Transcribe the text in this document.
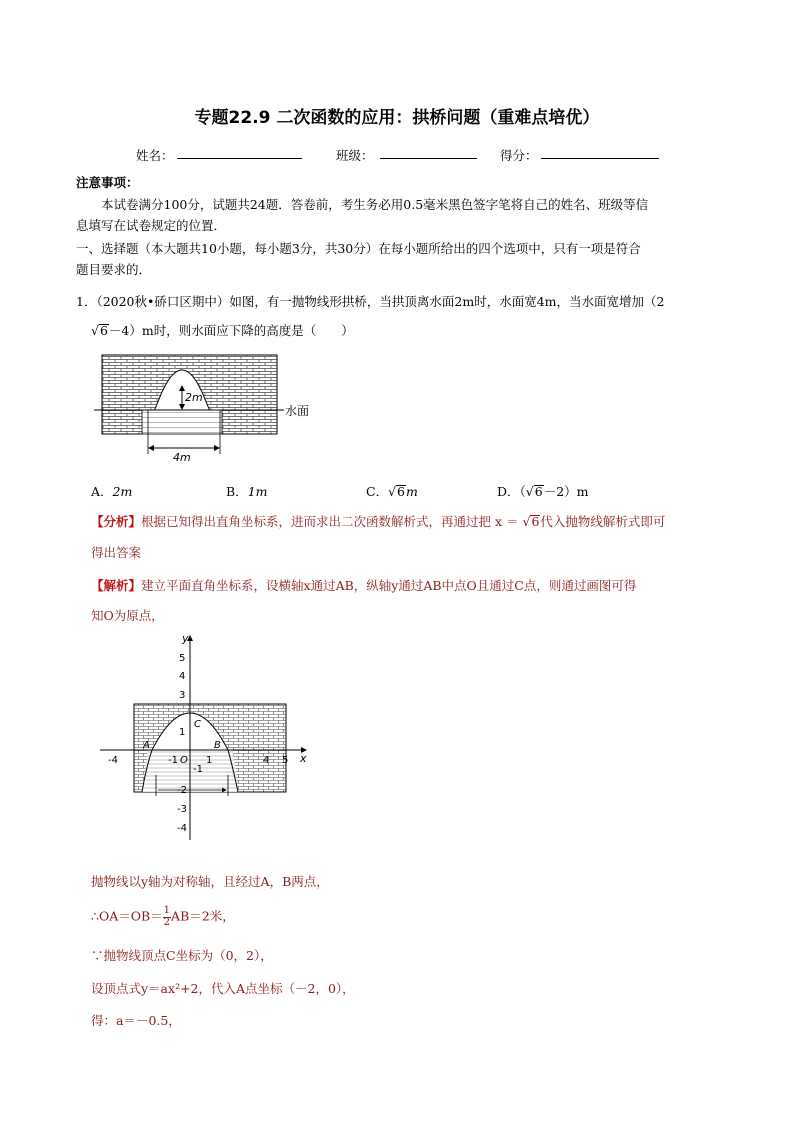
专题22.9 二次函数的应用：拱桥问题（重难点培优）
姓名：	班级：	得分：
注意事项：
本试卷满分100分，试题共24题．答卷前，考生务必用0.5毫米黑色签字笔将自己的姓名、班级等信
息填写在试卷规定的位置．
一、选择题（本大题共10小题，每小题3分，共30分）在每小题所给出的四个选项中，只有一项是符合
题目要求的．
1．（2020秋•硚口区期中）如图，有一抛物线形拱桥，当拱顶离水面2m时，水面宽4m，当水面宽增加（2
√6－4）m时，则水面应下降的高度是（　　）
2m
4m
水面
A．2m	B．1m	C．√6m	D．（√6－2）m
【分析】根据已知得出直角坐标系，进而求出二次函数解析式，再通过把 x ＝ √6代入抛物线解析式即可
得出答案
【解析】建立平面直角坐标系，设横轴x通过AB，纵轴y通过AB中点O且通过C点，则通过画图可得
知O为原点，
y
x
5
4
3
1
-1
-2
-3
-4
-4	-1	1	4 5
A	B
C
O
抛物线以y轴为对称轴，且经过A，B两点，
∴OA＝OB＝ $\frac{1}{2} AB=2$米，
∵抛物线顶点C坐标为（0，2），
设顶点式y＝ax²+2，代入A点坐标（－2，0），
得：a＝－0.5，
